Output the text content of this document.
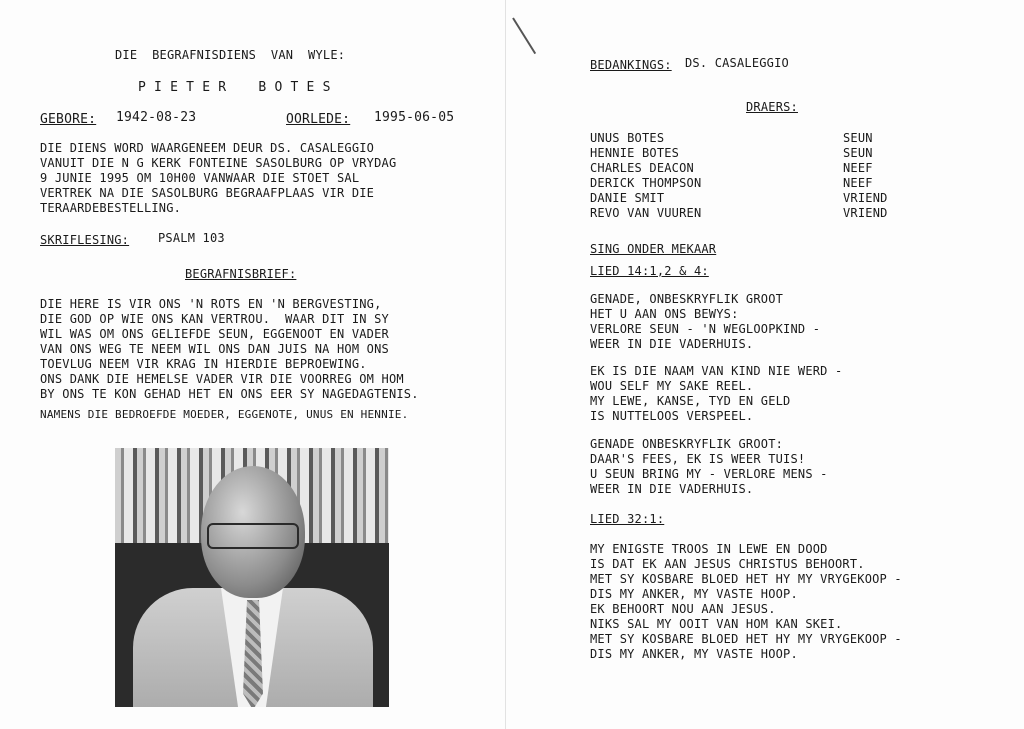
DIE  BEGRAFNISDIENS  VAN  WYLE:
P I E T E R    B O T E S
GEBORE: 1942-08-23	OORLEDE: 1995-06-05
DIE DIENS WORD WAARGENEEM DEUR DS. CASALEGGIO
VANUIT DIE N G KERK FONTEINE SASOLBURG OP VRYDAG
9 JUNIE 1995 OM 10H00 VANWAAR DIE STOET SAL
VERTREK NA DIE SASOLBURG BEGRAAFPLAAS VIR DIE
TERAARDEBESTELLING.
SKRIFLESING: PSALM 103
BEGRAFNISBRIEF:
DIE HERE IS VIR ONS 'N ROTS EN 'N BERGVESTING,
DIE GOD OP WIE ONS KAN VERTROU.  WAAR DIT IN SY
WIL WAS OM ONS GELIEFDE SEUN, EGGENOOT EN VADER
VAN ONS WEG TE NEEM WIL ONS DAN JUIS NA HOM ONS
TOEVLUG NEEM VIR KRAG IN HIERDIE BEPROEWING.
ONS DANK DIE HEMELSE VADER VIR DIE VOORREG OM HOM
BY ONS TE KON GEHAD HET EN ONS EER SY NAGEDAGTENIS.
NAMENS DIE BEDROEFDE MOEDER, EGGENOTE, UNUS EN HENNIE.
BEDANKINGS: DS. CASALEGGIO
DRAERS:
UNUS BOTES	SEUN
HENNIE BOTES	SEUN
CHARLES DEACON	NEEF
DERICK THOMPSON	NEEF
DANIE SMIT	VRIEND
REVO VAN VUUREN	VRIEND
SING ONDER MEKAAR
LIED 14:1,2 & 4:
GENADE, ONBESKRYFLIK GROOT
HET U AAN ONS BEWYS:
VERLORE SEUN - 'N WEGLOOPKIND -
WEER IN DIE VADERHUIS.
EK IS DIE NAAM VAN KIND NIE WERD -
WOU SELF MY SAKE REEL.
MY LEWE, KANSE, TYD EN GELD
IS NUTTELOOS VERSPEEL.
GENADE ONBESKRYFLIK GROOT:
DAAR'S FEES, EK IS WEER TUIS!
U SEUN BRING MY - VERLORE MENS -
WEER IN DIE VADERHUIS.
LIED 32:1:
MY ENIGSTE TROOS IN LEWE EN DOOD
IS DAT EK AAN JESUS CHRISTUS BEHOORT.
MET SY KOSBARE BLOED HET HY MY VRYGEKOOP -
DIS MY ANKER, MY VASTE HOOP.
EK BEHOORT NOU AAN JESUS.
NIKS SAL MY OOIT VAN HOM KAN SKEI.
MET SY KOSBARE BLOED HET HY MY VRYGEKOOP -
DIS MY ANKER, MY VASTE HOOP.
